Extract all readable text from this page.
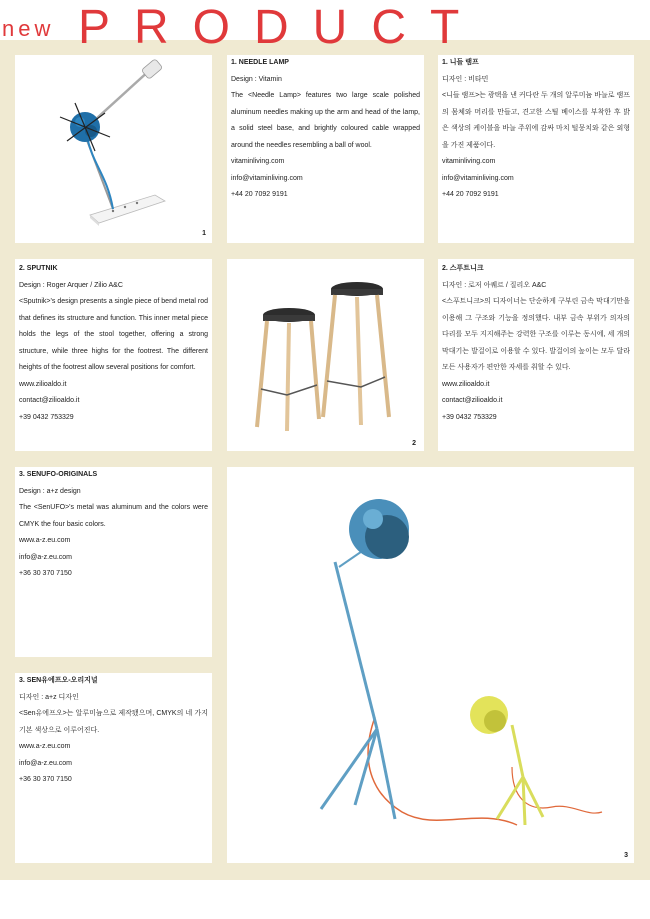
new PRODUCT
1
1. NEEDLE LAMP
Design : Vitamin
The <Needle Lamp> features two large scale polished aluminum needles making up the arm and head of the lamp, a solid steel base, and brightly coloured cable wrapped around the needles resembling a ball of wool.
vitaminliving.com
info@vitaminliving.com
+44 20 7092 9191
1. 니들 램프
디자인 : 비타민
<니들 램프>는 광택을 낸 커다란 두 개의 알루미늄 바늘로 램프의 몸체와 머리를 만들고, 견고한 스틸 베이스를 부착한 후 밝은 색상의 케이블을 바늘 주위에 감싸 마치 털뭉치와 같은 외형을 가진 제품이다.
vitaminliving.com
info@vitaminliving.com
+44 20 7092 9191
2. SPUTNIK
Design : Roger Arquer / Zilio A&C
<Sputnik>'s design presents a single piece of bend metal rod that defines its structure and function. This inner metal piece holds the legs of the stool together, offering a strong structure, while three highs for the footrest. The different heights of the footrest allow several positions for comfort.
www.zilioaldo.it
contact@zilioaldo.it
+39 0432 753329
2
2. 스푸트니크
디자인 : 로저 아퀘르 / 질리오 A&C
<스푸트니크>의 디자이너는 단순하게 구부린 금속 막대기만을 이용해 그 구조와 기능을 정의했다. 내부 금속 부위가 의자의 다리를 모두 지지해주는 강력한 구조를 이루는 동시에, 세 개의 막대기는 발걸이로 이용할 수 있다. 발걸이의 높이는 모두 달라 모든 사용자가 편안한 자세를 취할 수 있다.
www.zilioaldo.it
contact@zilioaldo.it
+39 0432 753329
3. SENUFO-ORIGINALS
Design : a+z design
The <SenUFO>'s metal was aluminum and the colors were CMYK the four basic colors.
www.a-z.eu.com
info@a-z.eu.com
+36 30 370 7150
3. SEN유에프오-오리지널
디자인 : a+z 디자인
<Sen유에프오>는 알루미늄으로 제작됐으며, CMYK의 네 가지 기본 색상으로 이루어진다.
www.a-z.eu.com
info@a-z.eu.com
+36 30 370 7150
3
